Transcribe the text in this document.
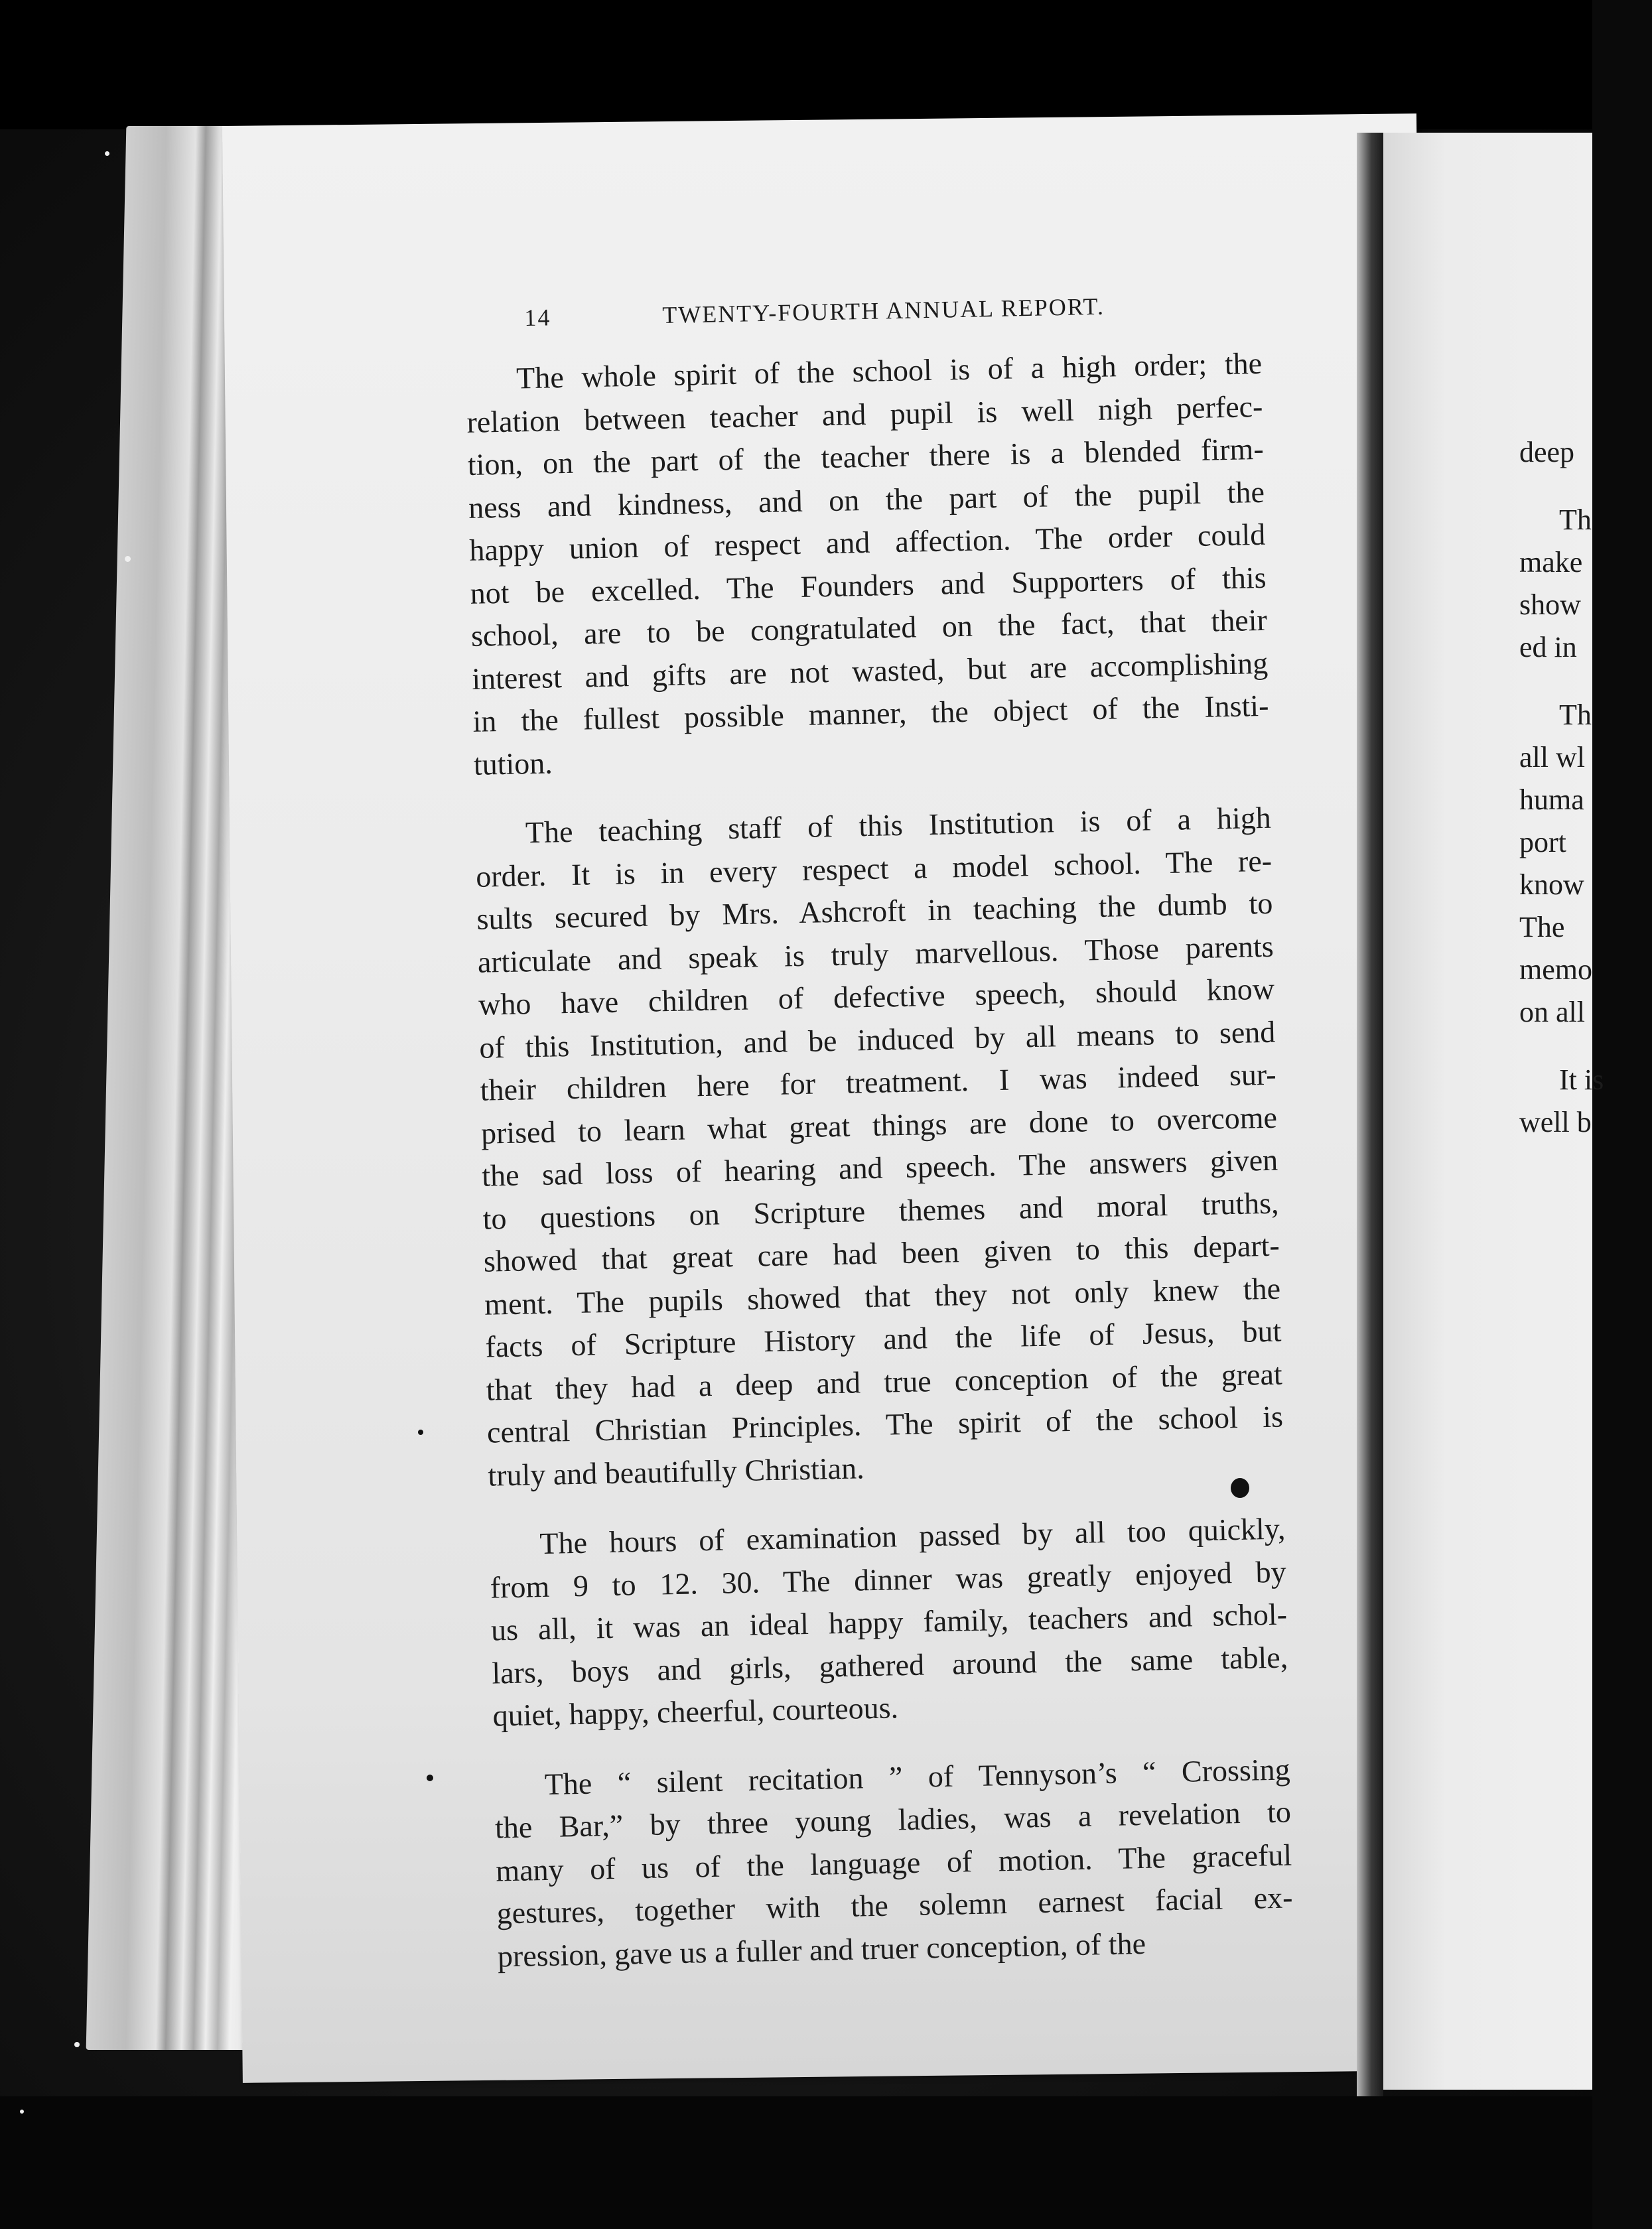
14	TWENTY-FOURTH ANNUAL REPORT.
The whole spirit of the school is of a high order; the
relation between teacher and pupil is well nigh perfec-
tion, on the part of the teacher there is a blended firm-
ness and kindness, and on the part of the pupil the
happy union of respect and affection. The order could
not be excelled. The Founders and Supporters of this
school, are to be congratulated on the fact, that their
interest and gifts are not wasted, but are accomplishing
in the fullest possible manner, the object of the Insti-
tution.
The teaching staff of this Institution is of a high
order. It is in every respect a model school. The re-
sults secured by Mrs. Ashcroft in teaching the dumb to
articulate and speak is truly marvellous. Those parents
who have children of defective speech, should know
of this Institution, and be induced by all means to send
their children here for treatment. I was indeed sur-
prised to learn what great things are done to overcome
the sad loss of hearing and speech. The answers given
to questions on Scripture themes and moral truths,
showed that great care had been given to this depart-
ment. The pupils showed that they not only knew the
facts of Scripture History and the life of Jesus, but
that they had a deep and true conception of the great
central Christian Principles. The spirit of the school is
truly and beautifully Christian.
The hours of examination passed by all too quickly,
from 9 to 12. 30. The dinner was greatly enjoyed by
us all, it was an ideal happy family, teachers and schol-
lars, boys and girls, gathered around the same table,
quiet, happy, cheerful, courteous.
The “ silent recitation ” of Tennyson’s “ Crossing
the Bar,” by three young ladies, was a revelation to
many of us of the language of motion. The graceful
gestures, together with the solemn earnest facial ex-
pression, gave us a fuller and truer conception, of the
deep
Th
make
show
ed in
Th
all wl
huma
port
know
The
memo
on all
It is
well b
